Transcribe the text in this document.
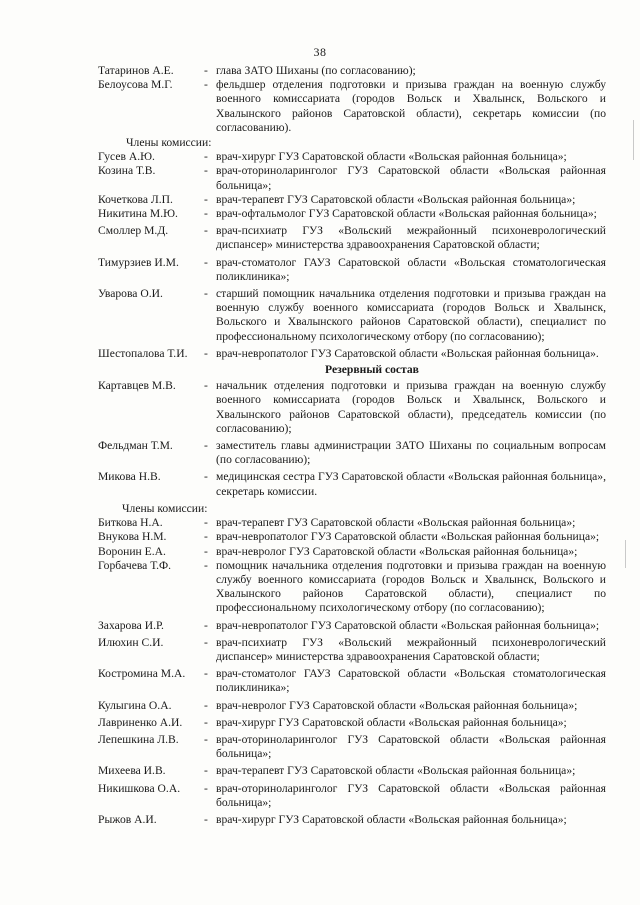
38
Татаринов А.Е.	- глава ЗАТО Шиханы (по согласованию);
Белоусова М.Г.	- фельдшер отделения подготовки и призыва граждан на военную службу военного комиссариата (городов Вольск и Хвалынск, Вольского и Хвалынского районов Саратовской области), секретарь комиссии (по согласованию).
Члены комиссии:
Гусев А.Ю.	- врач-хирург ГУЗ Саратовской области «Вольская районная больница»;
Козина Т.В.	- врач-оториноларинголог ГУЗ Саратовской области «Вольская районная больница»;
Кочеткова Л.П.	- врач-терапевт ГУЗ Саратовской области «Вольская районная больница»;
Никитина М.Ю.	- врач-офтальмолог ГУЗ Саратовской области «Вольская районная больница»;
Смоллер М.Д.	- врач-психиатр ГУЗ «Вольский межрайонный психоневрологический диспансер» министерства здравоохранения Саратовской области;
Тимурзиев И.М.	- врач-стоматолог ГАУЗ Саратовской области «Вольская стоматологическая поликлиника»;
Уварова О.И.	- старший помощник начальника отделения подготовки и призыва граждан на военную службу военного комиссариата (городов Вольск и Хвалынск, Вольского и Хвалынского районов Саратовской области), специалист по профессиональному психологическому отбору (по согласованию);
Шестопалова Т.И.	- врач-невропатолог ГУЗ Саратовской области «Вольская районная больница».
Резервный состав
Картавцев М.В.	- начальник отделения подготовки и призыва граждан на военную службу военного комиссариата (городов Вольск и Хвалынск, Вольского и Хвалынского районов Саратовской области), председатель комиссии (по согласованию);
Фельдман Т.М.	- заместитель главы администрации ЗАТО Шиханы по социальным вопросам (по согласованию);
Микова Н.В.	- медицинская сестра ГУЗ Саратовской области «Вольская районная больница», секретарь комиссии.
Члены комиссии:
Биткова Н.А.	- врач-терапевт ГУЗ Саратовской области «Вольская районная больница»;
Внукова Н.М.	- врач-невропатолог ГУЗ Саратовской области «Вольская районная больница»;
Воронин Е.А.	- врач-невролог ГУЗ Саратовской области «Вольская районная больница»;
Горбачева Т.Ф.	- помощник начальника отделения подготовки и призыва граждан на военную службу военного комиссариата (городов Вольск и Хвалынск, Вольского и Хвалынского районов Саратовской области), специалист по профессиональному психологическому отбору (по согласованию);
Захарова И.Р.	- врач-невропатолог ГУЗ Саратовской области «Вольская районная больница»;
Илюхин С.И.	- врач-психиатр ГУЗ «Вольский межрайонный психоневрологический диспансер» министерства здравоохранения Саратовской области;
Костромина М.А.	- врач-стоматолог ГАУЗ Саратовской области «Вольская стоматологическая поликлиника»;
Кулыгина О.А.	- врач-невролог ГУЗ Саратовской области «Вольская районная больница»;
Лавриненко А.И.	- врач-хирург ГУЗ Саратовской области «Вольская районная больница»;
Лепешкина Л.В.	- врач-оториноларинголог ГУЗ Саратовской области «Вольская районная больница»;
Михеева И.В.	- врач-терапевт ГУЗ Саратовской области «Вольская районная больница»;
Никишкова О.А.	- врач-оториноларинголог ГУЗ Саратовской области «Вольская районная больница»;
Рыжов А.И.	- врач-хирург ГУЗ Саратовской области «Вольская районная больница»;
